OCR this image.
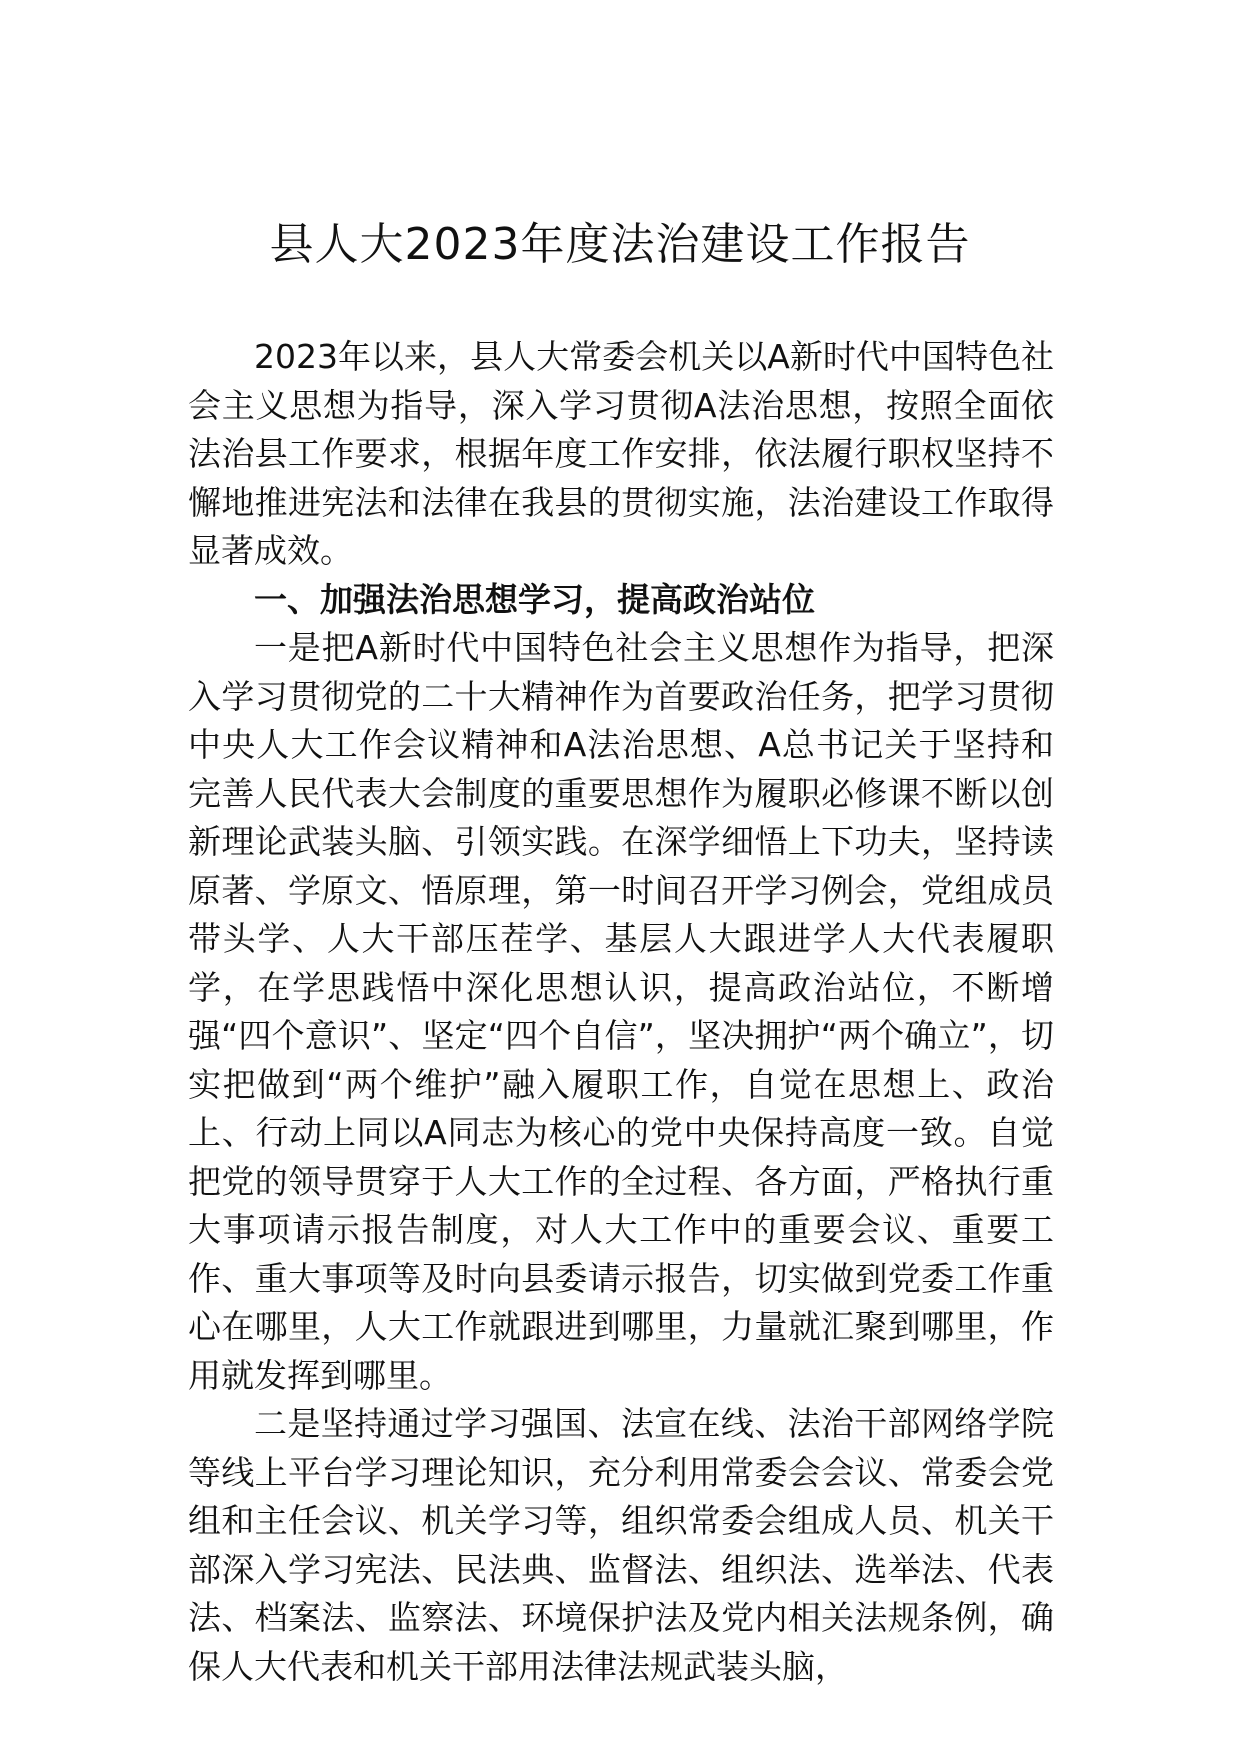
县人大2023年度法治建设工作报告

2023年以来，县人大常委会机关以A新时代中国特色社会主义思想为指导，深入学习贯彻A法治思想，按照全面依法治县工作要求，根据年度工作安排，依法履行职权坚持不懈地推进宪法和法律在我县的贯彻实施，法治建设工作取得显著成效。

一、加强法治思想学习，提高政治站位

一是把A新时代中国特色社会主义思想作为指导，把深入学习贯彻党的二十大精神作为首要政治任务，把学习贯彻中央人大工作会议精神和A法治思想、A总书记关于坚持和完善人民代表大会制度的重要思想作为履职必修课不断以创新理论武装头脑、引领实践。在深学细悟上下功夫，坚持读原著、学原文、悟原理，第一时间召开学习例会，党组成员带头学、人大干部压茬学、基层人大跟进学人大代表履职学，在学思践悟中深化思想认识，提高政治站位，不断增强“四个意识”、坚定“四个自信”，坚决拥护“两个确立”，切实把做到“两个维护”融入履职工作，自觉在思想上、政治上、行动上同以A同志为核心的党中央保持高度一致。自觉把党的领导贯穿于人大工作的全过程、各方面，严格执行重大事项请示报告制度，对人大工作中的重要会议、重要工作、重大事项等及时向县委请示报告，切实做到党委工作重心在哪里，人大工作就跟进到哪里，力量就汇聚到哪里，作用就发挥到哪里。

二是坚持通过学习强国、法宣在线、法治干部网络学院等线上平台学习理论知识，充分利用常委会会议、常委会党组和主任会议、机关学习等，组织常委会组成人员、机关干部深入学习宪法、民法典、监督法、组织法、选举法、代表法、档案法、监察法、环境保护法及党内相关法规条例，确保人大代表和机关干部用法律法规武装头脑，
